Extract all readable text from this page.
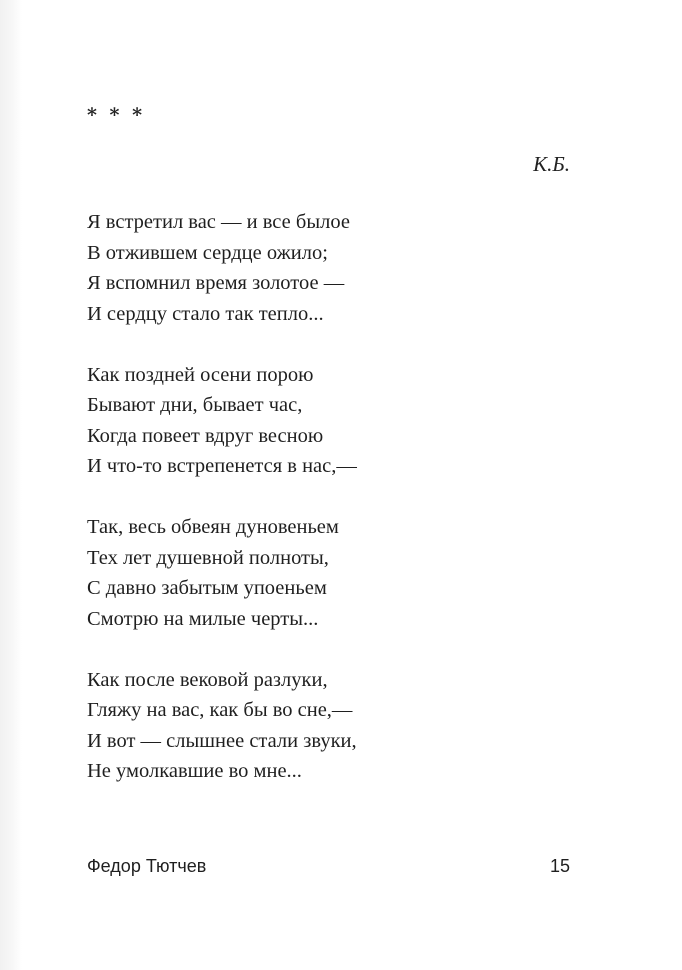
* * *
К.Б.
Я встретил вас — и все былое
В отжившем сердце ожило;
Я вспомнил время золотое —
И сердцу стало так тепло...
Как поздней осени порою
Бывают дни, бывает час,
Когда повеет вдруг весною
И что-то встрепенется в нас,—
Так, весь обвеян дуновеньем
Тех лет душевной полноты,
С давно забытым упоеньем
Смотрю на милые черты...
Как после вековой разлуки,
Гляжу на вас, как бы во сне,—
И вот — слышнее стали звуки,
Не умолкавшие во мне...
Федор Тютчев	15
